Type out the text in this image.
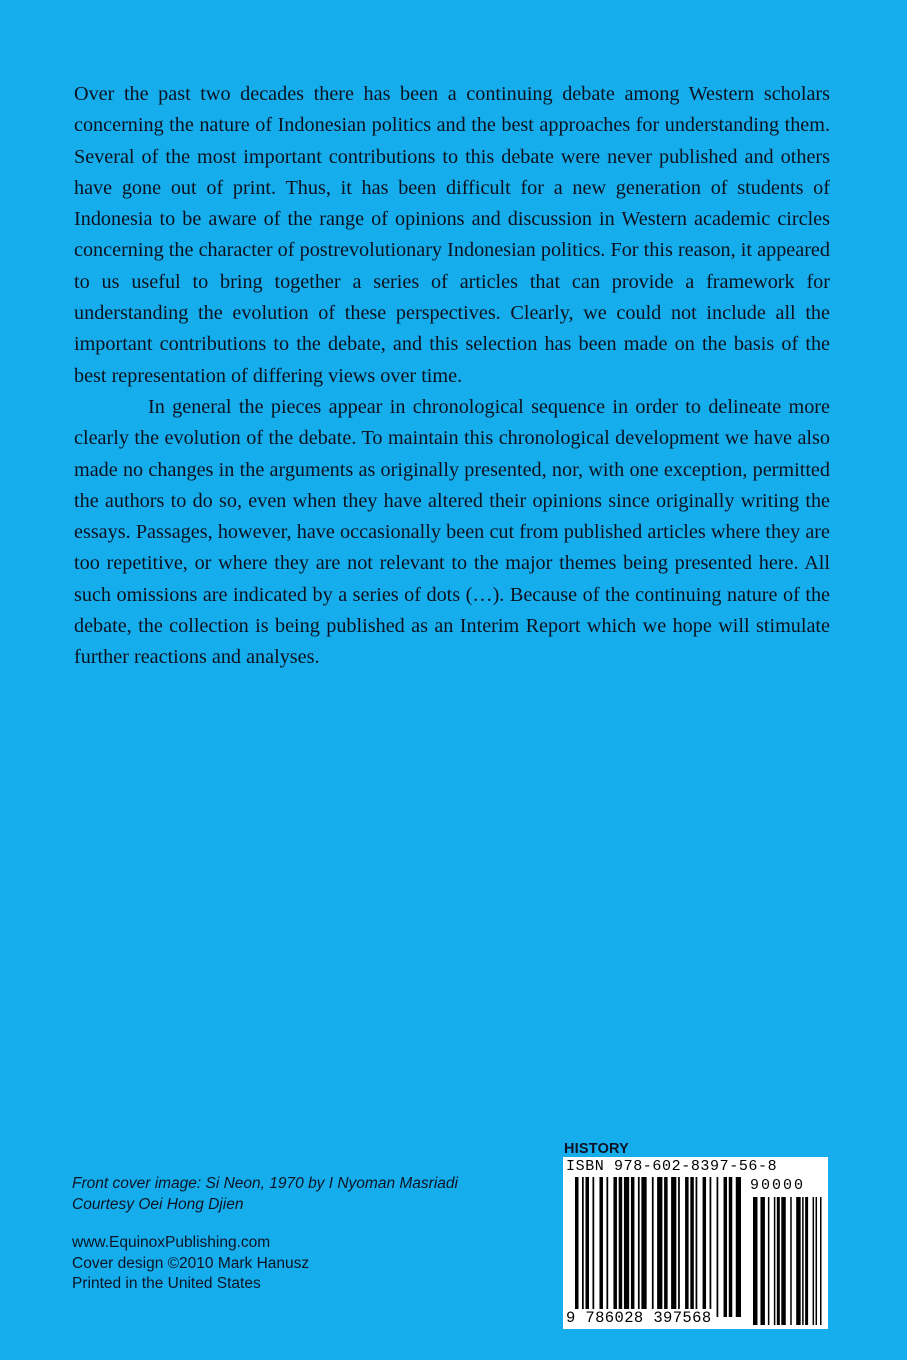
Over the past two decades there has been a continuing debate among Western scholars concerning the nature of Indonesian politics and the best approaches for understanding them. Several of the most important contributions to this debate were never published and others have gone out of print. Thus, it has been difficult for a new generation of students of Indonesia to be aware of the range of opinions and discussion in Western academic circles concerning the character of postrevolutionary Indonesian politics. For this reason, it appeared to us useful to bring together a series of articles that can provide a framework for understanding the evolution of these perspectives. Clearly, we could not include all the important contributions to the debate, and this selection has been made on the basis of the best representation of differing views over time.

In general the pieces appear in chronological sequence in order to delineate more clearly the evolution of the debate. To maintain this chronological development we have also made no changes in the arguments as originally presented, nor, with one exception, permitted the authors to do so, even when they have altered their opinions since originally writing the essays. Passages, however, have occasionally been cut from published articles where they are too repetitive, or where they are not relevant to the major themes being presented here. All such omissions are indicated by a series of dots (…). Because of the continuing nature of the debate, the collection is being published as an Interim Report which we hope will stimulate further reactions and analyses.

Front cover image: Si Neon, 1970 by I Nyoman Masriadi
Courtesy Oei Hong Djien
www.EquinoxPublishing.com
Cover design ©2010 Mark Hanusz
Printed in the United States
HISTORY
ISBN 978-602-8397-56-8
90000
9 786028 397568
